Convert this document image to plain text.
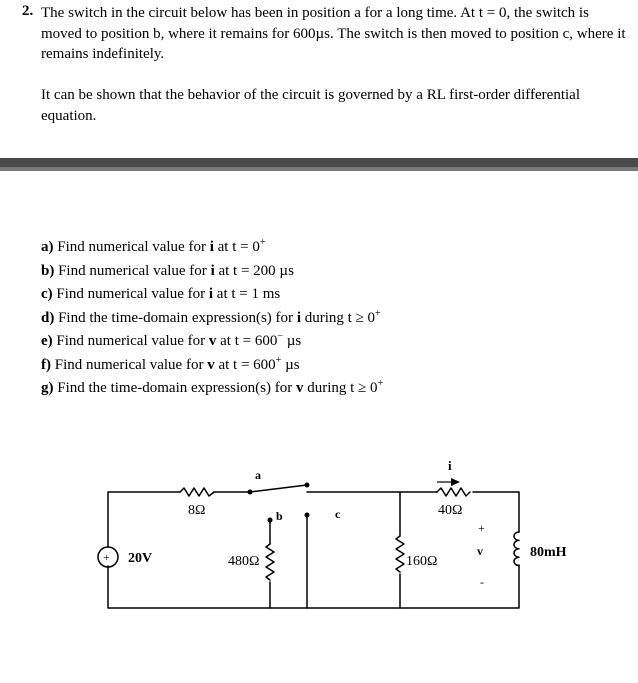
2. The switch in the circuit below has been in position a for a long time. At t = 0, the switch is moved to position b, where it remains for 600µs. The switch is then moved to position c, where it remains indefinitely.

It can be shown that the behavior of the circuit is governed by a RL first-order differential equation.

a) Find numerical value for i at t = 0+
b) Find numerical value for i at t = 200 µs
c) Find numerical value for i at t = 1 ms
d) Find the time-domain expression(s) for i during t ≥ 0+
e) Find numerical value for v at t = 600− µs
f) Find numerical value for v at t = 600+ µs
g) Find the time-domain expression(s) for v during t ≥ 0+
+ 20V
8Ω
480Ω	160Ω
40Ω
80mH
a
b	c
i
+
v
-
